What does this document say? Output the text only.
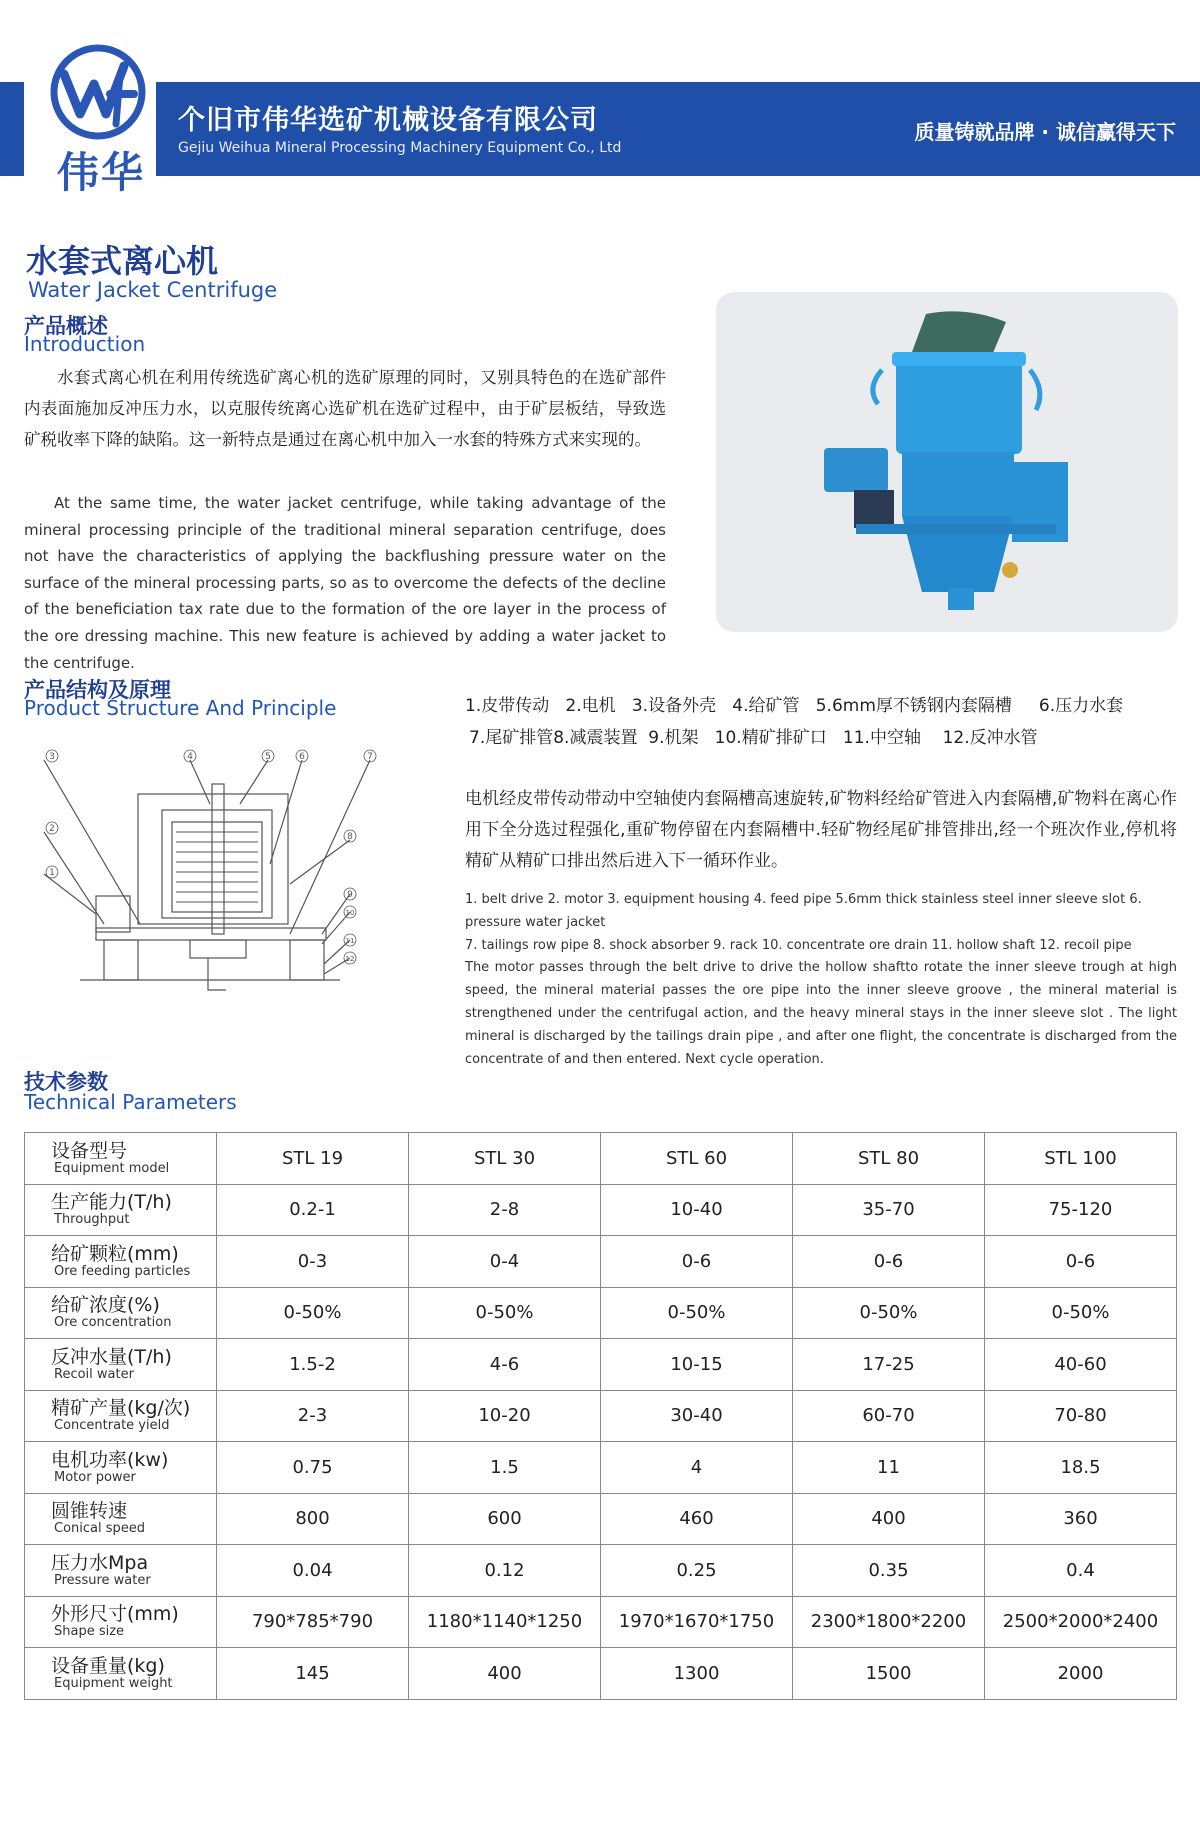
伟华
个旧市伟华选矿机械设备有限公司
Gejiu Weihua Mineral Processing Machinery Equipment Co., Ltd
质量铸就品牌 · 诚信赢得天下
水套式离心机
Water Jacket Centrifuge
产品概述
Introduction
水套式离心机在利用传统选矿离心机的选矿原理的同时，又别具特色的在选矿部件内表面施加反冲压力水，以克服传统离心选矿机在选矿过程中，由于矿层板结，导致选矿税收率下降的缺陷。这一新特点是通过在离心机中加入一水套的特殊方式来实现的。
At the same time, the water jacket centrifuge, while taking advantage of the mineral processing principle of the traditional mineral separation centrifuge, does not have the characteristics of applying the backflushing pressure water on the surface of the mineral processing parts, so as to overcome the defects of the decline of the beneficiation tax rate due to the formation of the ore layer in the process of the ore dressing machine. This new feature is achieved by adding a water jacket to the centrifuge.
产品结构及原理
Product Structure And Principle
3	4	5	6	7
2
1
8
9
10
11
12
1.皮带传动   2.电机   3.设备外壳   4.给矿管   5.6mm厚不锈钢内套隔槽     6.压力水套
7.尾矿排管8.减震装置  9.机架   10.精矿排矿口   11.中空轴    12.反冲水管
电机经皮带传动带动中空轴使内套隔槽高速旋转,矿物料经给矿管进入内套隔槽,矿物料在离心作用下全分选过程强化,重矿物停留在内套隔槽中.轻矿物经尾矿排管排出,经一个班次作业,停机将精矿从精矿口排出然后进入下一循环作业。
1. belt drive 2. motor 3. equipment housing 4. feed pipe 5.6mm thick stainless steel inner sleeve slot 6. pressure water jacket
7. tailings row pipe 8. shock absorber 9. rack 10. concentrate ore drain 11. hollow shaft 12. recoil pipe
The motor passes through the belt drive to drive the hollow shaftto rotate the inner sleeve trough at high speed, the mineral material passes the ore pipe into the inner sleeve groove , the mineral material is strengthened under the centrifugal action, and the heavy mineral stays in the inner sleeve slot . The light mineral is discharged by the tailings drain pipe , and after one flight, the concentrate is discharged from the concentrate of and then entered. Next cycle operation.
技术参数
Technical Parameters
设备型号
Equipment model	STL 19	STL 30	STL 60	STL 80	STL 100

生产能力(T/h)
Throughput	0.2-1	2-8	10-40	35-70	75-120

给矿颗粒(mm)
Ore feeding particles	0-3	0-4	0-6	0-6	0-6

给矿浓度(%)
Ore concentration	0-50%	0-50%	0-50%	0-50%	0-50%

反冲水量(T/h)
Recoil water	1.5-2	4-6	10-15	17-25	40-60

精矿产量(kg/次)
Concentrate yield	2-3	10-20	30-40	60-70	70-80

电机功率(kw)
Motor power	0.75	1.5	4	11	18.5

圆锥转速
Conical speed	800	600	460	400	360

压力水Mpa
Pressure water	0.04	0.12	0.25	0.35	0.4

外形尺寸(mm)
Shape size	790*785*790	1180*1140*1250	1970*1670*1750	2300*1800*2200	2500*2000*2400

设备重量(kg)
Equipment weight	145	400	1300	1500	2000
